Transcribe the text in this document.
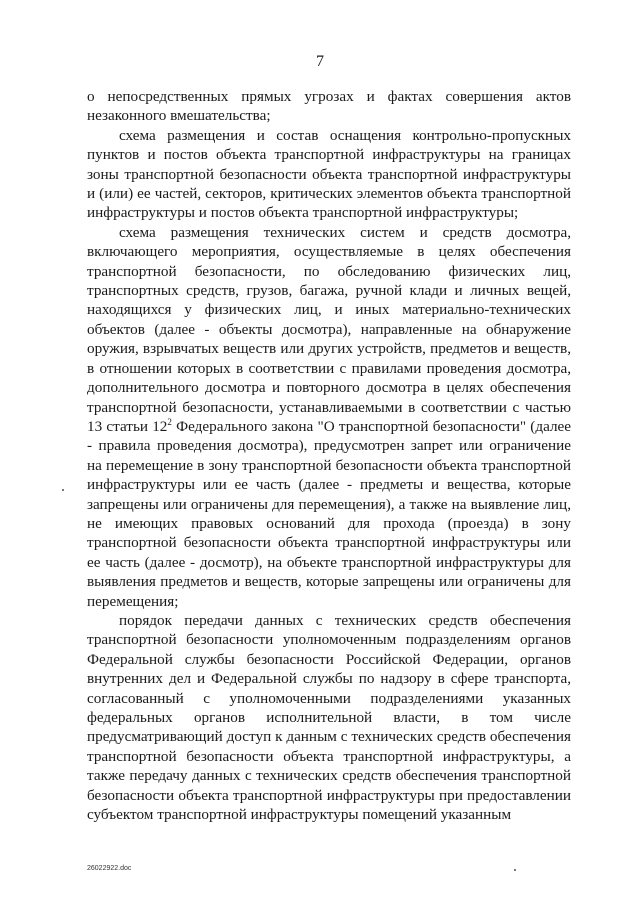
7

о непосредственных прямых угрозах и фактах совершения актов незаконного вмешательства;

схема размещения и состав оснащения контрольно-пропускных пунктов и постов объекта транспортной инфраструктуры на границах зоны транспортной безопасности объекта транспортной инфраструктуры и (или) ее частей, секторов, критических элементов объекта транспортной инфраструктуры и постов объекта транспортной инфраструктуры;

схема размещения технических систем и средств досмотра, включающего мероприятия, осуществляемые в целях обеспечения транспортной безопасности, по обследованию физических лиц, транспортных средств, грузов, багажа, ручной клади и личных вещей, находящихся у физических лиц, и иных материально-технических объектов (далее - объекты досмотра), направленные на обнаружение оружия, взрывчатых веществ или других устройств, предметов и веществ, в отношении которых в соответствии с правилами проведения досмотра, дополнительного досмотра и повторного досмотра в целях обеспечения транспортной безопасности, устанавливаемыми в соответствии с частью 13 статьи $12^2$ Федерального закона "О транспортной безопасности" (далее - правила проведения досмотра), предусмотрен запрет или ограничение на перемещение в зону транспортной безопасности объекта транспортной инфраструктуры или ее часть (далее - предметы и вещества, которые запрещены или ограничены для перемещения), а также на выявление лиц, не имеющих правовых оснований для прохода (проезда) в зону транспортной безопасности объекта транспортной инфраструктуры или ее часть (далее - досмотр), на объекте транспортной инфраструктуры для выявления предметов и веществ, которые запрещены или ограничены для перемещения;

порядок передачи данных с технических средств обеспечения транспортной безопасности уполномоченным подразделениям органов Федеральной службы безопасности Российской Федерации, органов внутренних дел и Федеральной службы по надзору в сфере транспорта, согласованный с уполномоченными подразделениями указанных федеральных органов исполнительной власти, в том числе предусматривающий доступ к данным с технических средств обеспечения транспортной безопасности объекта транспортной инфраструктуры, а также передачу данных с технических средств обеспечения транспортной безопасности объекта транспортной инфраструктуры при предоставлении субъектом транспортной инфраструктуры помещений указанным

26022922.doc
